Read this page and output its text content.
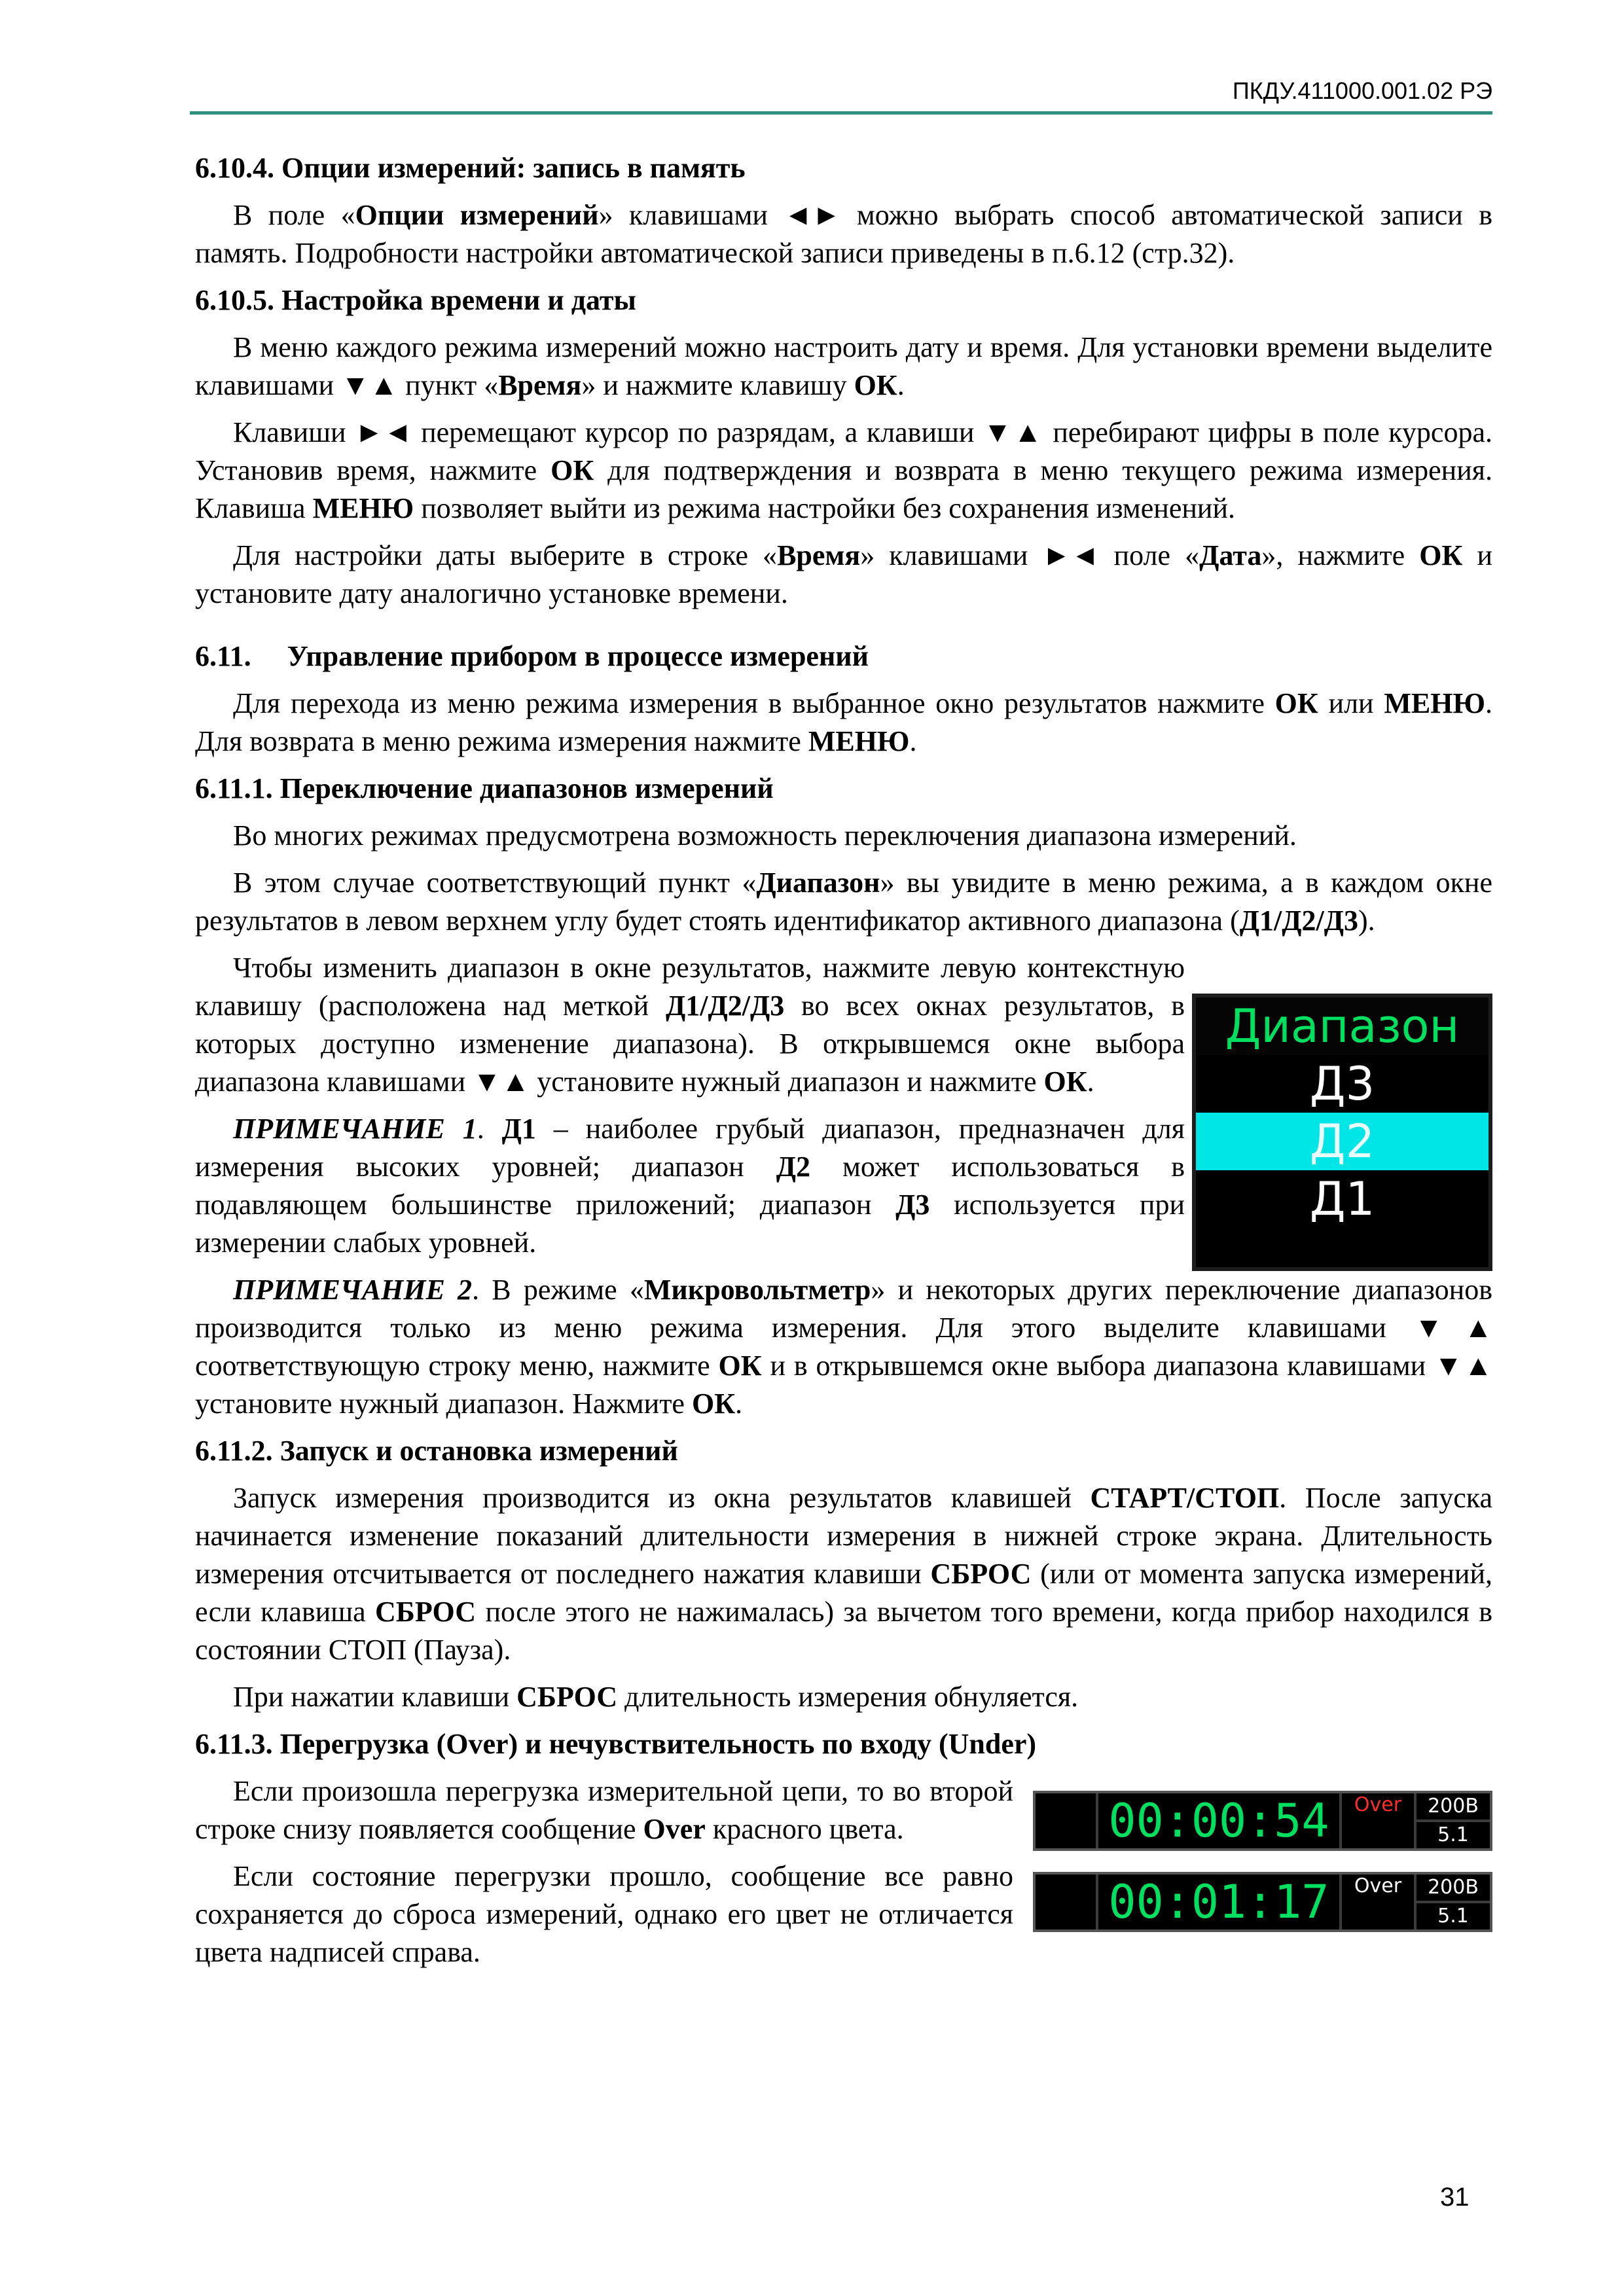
ПКДУ.411000.001.02 РЭ
6.10.4. Опции измерений: запись в память

В поле «Опции измерений» клавишами ◄► можно выбрать способ автоматической записи в память. Подробности настройки автоматической записи приведены в п.6.12 (стр.32).

6.10.5. Настройка времени и даты

В меню каждого режима измерений можно настроить дату и время. Для установки времени выделите клавишами ▼▲ пункт «Время» и нажмите клавишу ОК.

Клавиши ►◄ перемещают курсор по разрядам, а клавиши ▼▲ перебирают цифры в поле курсора. Установив время, нажмите ОК для подтверждения и возврата в меню текущего режима измерения. Клавиша МЕНЮ позволяет выйти из режима настройки без сохранения изменений.

Для настройки даты выберите в строке «Время» клавишами ►◄ поле «Дата», нажмите ОК и установите дату аналогично установке времени.

6.11.     Управление прибором в процессе измерений

Для перехода из меню режима измерения в выбранное окно результатов нажмите ОК или МЕНЮ. Для возврата в меню режима измерения нажмите МЕНЮ.

6.11.1. Переключение диапазонов измерений

Во многих режимах предусмотрена возможность переключения диапазона измерений.

В этом случае соответствующий пункт «Диапазон» вы увидите в меню режима, а в каждом окне результатов в левом верхнем углу будет стоять идентификатор активного диапазона (Д1/Д2/Д3).

Чтобы изменить диапазон в окне результатов, нажмите левую контекстную клавишу (расположена над меткой Д1/Д2/Д3 во всех окнах результатов, в которых доступно изменение диапазона). В открывшемся окне выбора диапазона клавишами ▼▲ установите нужный диапазон и нажмите ОК.

ПРИМЕЧАНИЕ 1. Д1 – наиболее грубый диапазон, предназначен для измерения высоких уровней; диапазон Д2 может использоваться в подавляющем большинстве приложений; диапазон Д3 используется при измерении слабых уровней.

Диапазон
Д3
Д2
Д1

ПРИМЕЧАНИЕ 2. В режиме «Микровольтметр» и некоторых других переключение диапазонов производится только из меню режима измерения. Для этого выделите клавишами ▼▲ соответствующую строку меню, нажмите ОК и в открывшемся окне выбора диапазона клавишами ▼▲ установите нужный диапазон. Нажмите ОК.

6.11.2. Запуск и остановка измерений

Запуск измерения производится из окна результатов клавишей СТАРТ/СТОП. После запуска начинается изменение показаний длительности измерения в нижней строке экрана. Длительность измерения отсчитывается от последнего нажатия клавиши СБРОС (или от момента запуска измерений, если клавиша СБРОС после этого не нажималась) за вычетом того времени, когда прибор находился в состоянии СТОП (Пауза).

При нажатии клавиши СБРОС длительность измерения обнуляется.

6.11.3. Перегрузка (Over) и нечувствительность по входу (Under)

Если произошла перегрузка измерительной цепи, то во второй строке снизу появляется сообщение Over красного цвета.	00:00:54	Over	200В
5.1

Если состояние перегрузки прошло, сообщение все равно сохраняется до сброса измерений, однако его цвет не отличается цвета надписей справа.

00:01:17	Over	200В
5.1
31
